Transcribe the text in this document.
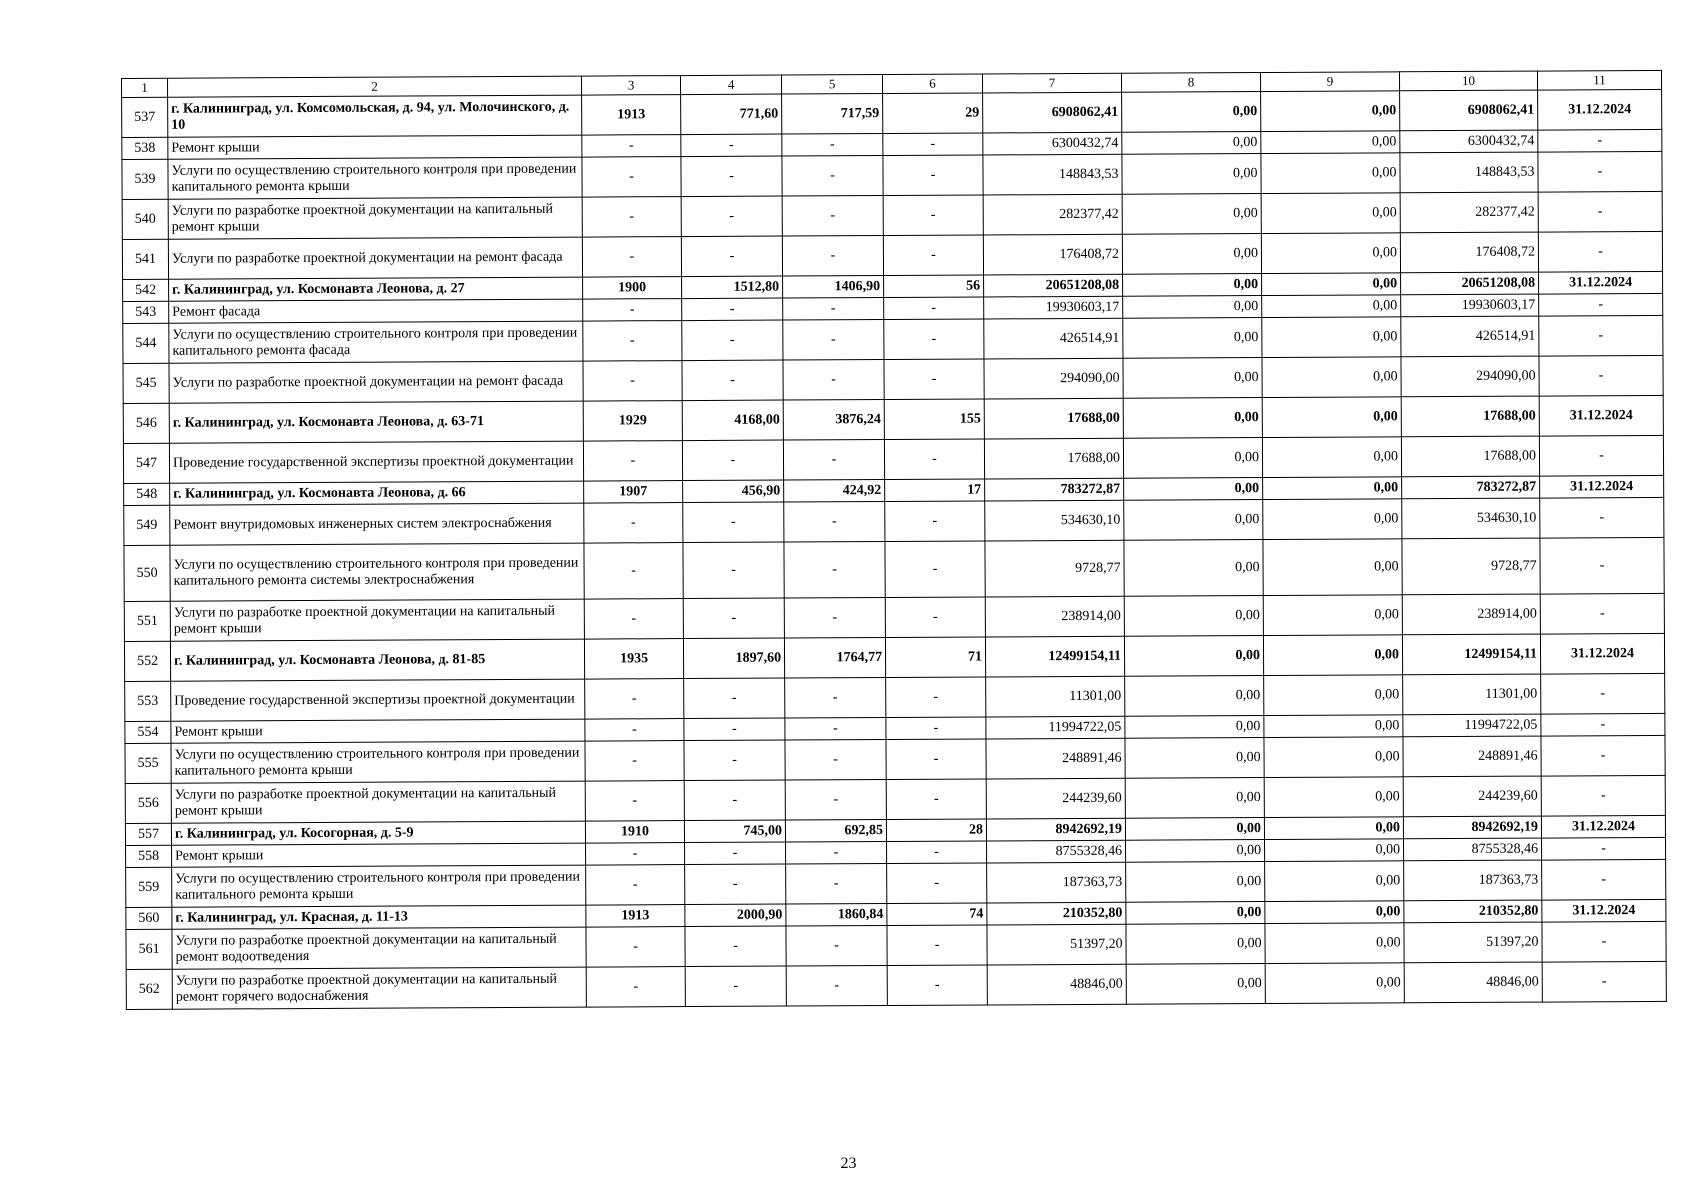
1	2	3	4	5	6	7	8	9	10	11
537	г. Калининград, ул. Комсомольская, д. 94, ул. Молочинского, д. 10	1913	771,60	717,59	29	6908062,41	0,00	0,00	6908062,41	31.12.2024
538	Ремонт крыши	-	-	-	-	6300432,74	0,00	0,00	6300432,74	-
539	Услуги по осуществлению строительного контроля при проведении капитального ремонта крыши	-	-	-	-	148843,53	0,00	0,00	148843,53	-
540	Услуги по разработке проектной документации на капитальный ремонт крыши	-	-	-	-	282377,42	0,00	0,00	282377,42	-
541	Услуги по разработке проектной документации на ремонт фасада	-	-	-	-	176408,72	0,00	0,00	176408,72	-
542	г. Калининград, ул. Космонавта Леонова, д. 27	1900	1512,80	1406,90	56	20651208,08	0,00	0,00	20651208,08	31.12.2024
543	Ремонт фасада	-	-	-	-	19930603,17	0,00	0,00	19930603,17	-
544	Услуги по осуществлению строительного контроля при проведении капитального ремонта фасада	-	-	-	-	426514,91	0,00	0,00	426514,91	-
545	Услуги по разработке проектной документации на ремонт фасада	-	-	-	-	294090,00	0,00	0,00	294090,00	-
546	г. Калининград, ул. Космонавта Леонова, д. 63-71	1929	4168,00	3876,24	155	17688,00	0,00	0,00	17688,00	31.12.2024
547	Проведение государственной экспертизы проектной документации	-	-	-	-	17688,00	0,00	0,00	17688,00	-
548	г. Калининград, ул. Космонавта Леонова, д. 66	1907	456,90	424,92	17	783272,87	0,00	0,00	783272,87	31.12.2024
549	Ремонт внутридомовых инженерных систем электроснабжения	-	-	-	-	534630,10	0,00	0,00	534630,10	-
550	Услуги по осуществлению строительного контроля при проведении капитального ремонта системы электроснабжения	-	-	-	-	9728,77	0,00	0,00	9728,77	-
551	Услуги по разработке проектной документации на капитальный ремонт крыши	-	-	-	-	238914,00	0,00	0,00	238914,00	-
552	г. Калининград, ул. Космонавта Леонова, д. 81-85	1935	1897,60	1764,77	71	12499154,11	0,00	0,00	12499154,11	31.12.2024
553	Проведение государственной экспертизы проектной документации	-	-	-	-	11301,00	0,00	0,00	11301,00	-
554	Ремонт крыши	-	-	-	-	11994722,05	0,00	0,00	11994722,05	-
555	Услуги по осуществлению строительного контроля при проведении капитального ремонта крыши	-	-	-	-	248891,46	0,00	0,00	248891,46	-
556	Услуги по разработке проектной документации на капитальный ремонт крыши	-	-	-	-	244239,60	0,00	0,00	244239,60	-
557	г. Калининград, ул. Косогорная, д. 5-9	1910	745,00	692,85	28	8942692,19	0,00	0,00	8942692,19	31.12.2024
558	Ремонт крыши	-	-	-	-	8755328,46	0,00	0,00	8755328,46	-
559	Услуги по осуществлению строительного контроля при проведении капитального ремонта крыши	-	-	-	-	187363,73	0,00	0,00	187363,73	-
560	г. Калининград, ул. Красная, д. 11-13	1913	2000,90	1860,84	74	210352,80	0,00	0,00	210352,80	31.12.2024
561	Услуги по разработке проектной документации на капитальный ремонт водоотведения	-	-	-	-	51397,20	0,00	0,00	51397,20	-
562	Услуги по разработке проектной документации на капитальный ремонт горячего водоснабжения	-	-	-	-	48846,00	0,00	0,00	48846,00	-
23
